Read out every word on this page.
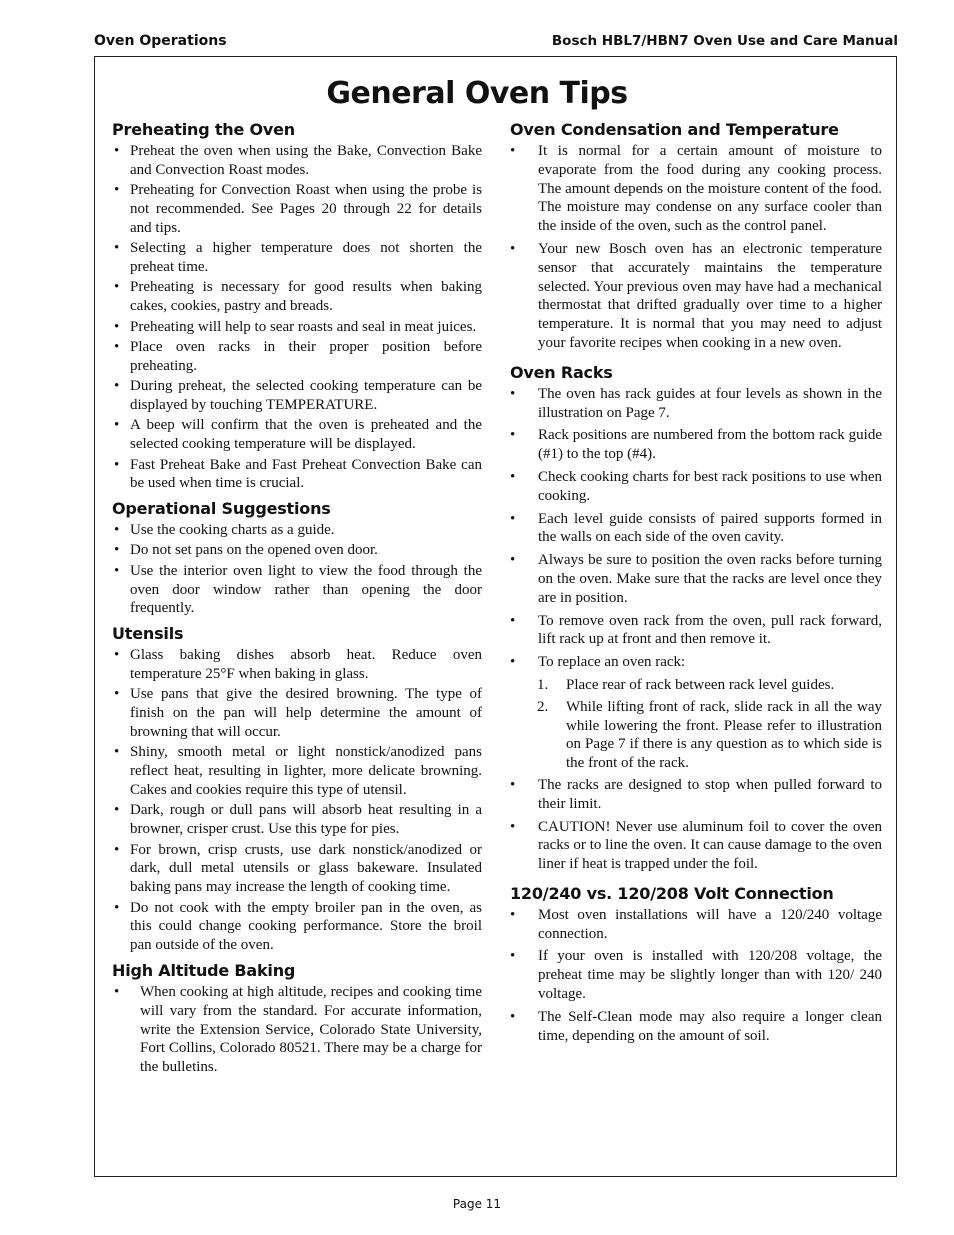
Oven Operations	Bosch HBL7/HBN7 Oven Use and Care Manual
General Oven Tips
Preheating the Oven
• Preheat the oven when using the Bake, Convection Bake and Convection Roast modes.
• Preheating for Convection Roast when using the probe is not recommended. See Pages 20 through 22 for details and tips.
• Selecting a higher temperature does not shorten the preheat time.
• Preheating is necessary for good results when baking cakes, cookies, pastry and breads.
• Preheating will help to sear roasts and seal in meat juices.
• Place oven racks in their proper position before preheating.
• During preheat, the selected cooking temperature can be displayed by touching TEMPERATURE.
• A beep will confirm that the oven is preheated and the selected cooking temperature will be displayed.
• Fast Preheat Bake and Fast Preheat Convection Bake can be used when time is crucial.
Operational Suggestions
• Use the cooking charts as a guide.
• Do not set pans on the opened oven door.
• Use the interior oven light to view the food through the oven door window rather than opening the door frequently.
Utensils
• Glass baking dishes absorb heat. Reduce oven temperature 25°F when baking in glass.
• Use pans that give the desired browning. The type of finish on the pan will help determine the amount of browning that will occur.
• Shiny, smooth metal or light nonstick/anodized pans reflect heat, resulting in lighter, more delicate browning. Cakes and cookies require this type of utensil.
• Dark, rough or dull pans will absorb heat resulting in a browner, crisper crust. Use this type for pies.
• For brown, crisp crusts, use dark nonstick/anodized or dark, dull metal utensils or glass bakeware. Insulated baking pans may increase the length of cooking time.
• Do not cook with the empty broiler pan in the oven, as this could change cooking performance. Store the broil pan outside of the oven.
High Altitude Baking
• When cooking at high altitude, recipes and cooking time will vary from the standard. For accurate information, write the Extension Service, Colorado State University, Fort Collins, Colorado 80521. There may be a charge for the bulletins.
Oven Condensation and Temperature
• It is normal for a certain amount of moisture to evaporate from the food during any cooking process. The amount depends on the moisture content of the food. The moisture may condense on any surface cooler than the inside of the oven, such as the control panel.
• Your new Bosch oven has an electronic temperature sensor that accurately maintains the temperature selected. Your previous oven may have had a mechanical thermostat that drifted gradually over time to a higher temperature. It is normal that you may need to adjust your favorite recipes when cooking in a new oven.
Oven Racks
• The oven has rack guides at four levels as shown in the illustration on Page 7.
• Rack positions are numbered from the bottom rack guide (#1) to the top (#4).
• Check cooking charts for best rack positions to use when cooking.
• Each level guide consists of paired supports formed in the walls on each side of the oven cavity.
• Always be sure to position the oven racks before turning on the oven. Make sure that the racks are level once they are in position.
• To remove oven rack from the oven, pull rack forward, lift rack up at front and then remove it.
• To replace an oven rack:
1. Place rear of rack between rack level guides.
2. While lifting front of rack, slide rack in all the way while lowering the front. Please refer to illustration on Page 7 if there is any question as to which side is the front of the rack.
• The racks are designed to stop when pulled forward to their limit.
• CAUTION! Never use aluminum foil to cover the oven racks or to line the oven. It can cause damage to the oven liner if heat is trapped under the foil.
120/240 vs. 120/208 Volt Connection
• Most oven installations will have a 120/240 voltage connection.
• If your oven is installed with 120/208 voltage, the preheat time may be slightly longer than with 120/ 240 voltage.
• The Self-Clean mode may also require a longer clean time, depending on the amount of soil.
Page 11
